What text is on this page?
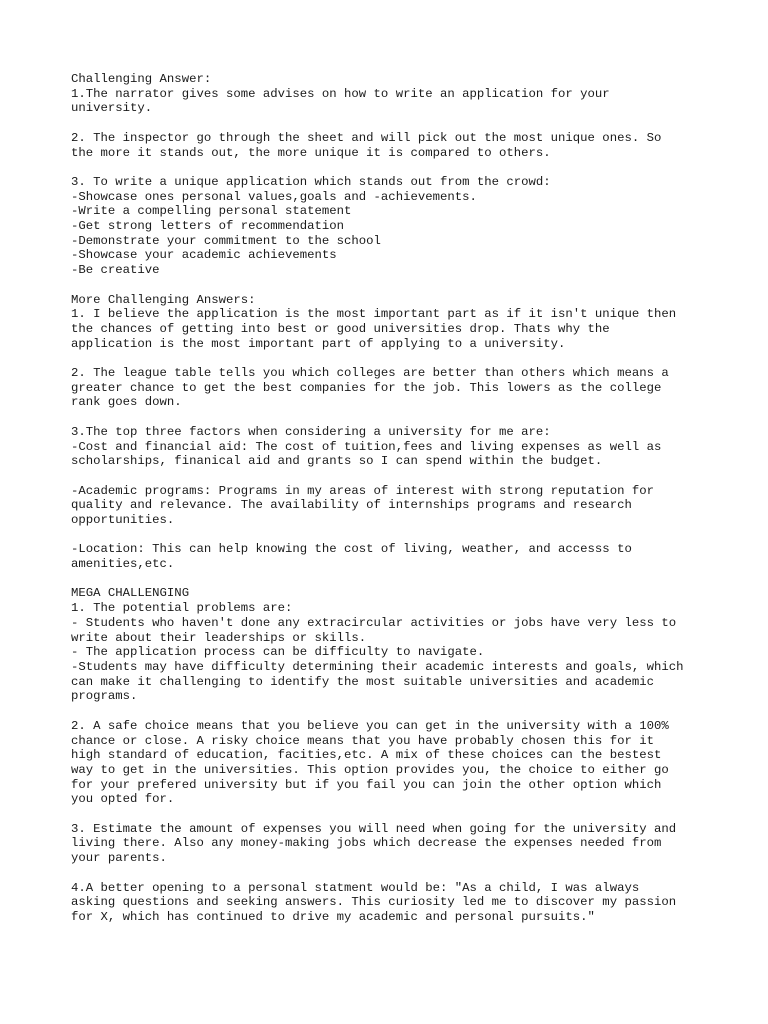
Challenging Answer:
1.The narrator gives some advises on how to write an application for your
university.
2. The inspector go through the sheet and will pick out the most unique ones. So
the more it stands out, the more unique it is compared to others.
3. To write a unique application which stands out from the crowd:
-Showcase ones personal values,goals and -achievements.
-Write a compelling personal statement
-Get strong letters of recommendation
-Demonstrate your commitment to the school
-Showcase your academic achievements
-Be creative
More Challenging Answers:
1. I believe the application is the most important part as if it isn't unique then
the chances of getting into best or good universities drop. Thats why the
application is the most important part of applying to a university.
2. The league table tells you which colleges are better than others which means a
greater chance to get the best companies for the job. This lowers as the college
rank goes down.
3.The top three factors when considering a university for me are:
-Cost and financial aid: The cost of tuition,fees and living expenses as well as
scholarships, finanical aid and grants so I can spend within the budget.
-Academic programs: Programs in my areas of interest with strong reputation for
quality and relevance. The availability of internships programs and research
opportunities.
-Location: This can help knowing the cost of living, weather, and accesss to
amenities,etc.
MEGA CHALLENGING
1. The potential problems are:
- Students who haven't done any extracircular activities or jobs have very less to
write about their leaderships or skills.
- The application process can be difficulty to navigate.
-Students may have difficulty determining their academic interests and goals, which
can make it challenging to identify the most suitable universities and academic
programs.
2. A safe choice means that you believe you can get in the university with a 100%
chance or close. A risky choice means that you have probably chosen this for it
high standard of education, facities,etc. A mix of these choices can the bestest
way to get in the universities. This option provides you, the choice to either go
for your prefered university but if you fail you can join the other option which
you opted for.
3. Estimate the amount of expenses you will need when going for the university and
living there. Also any money-making jobs which decrease the expenses needed from
your parents.
4.A better opening to a personal statment would be: "As a child, I was always
asking questions and seeking answers. This curiosity led me to discover my passion
for X, which has continued to drive my academic and personal pursuits."
